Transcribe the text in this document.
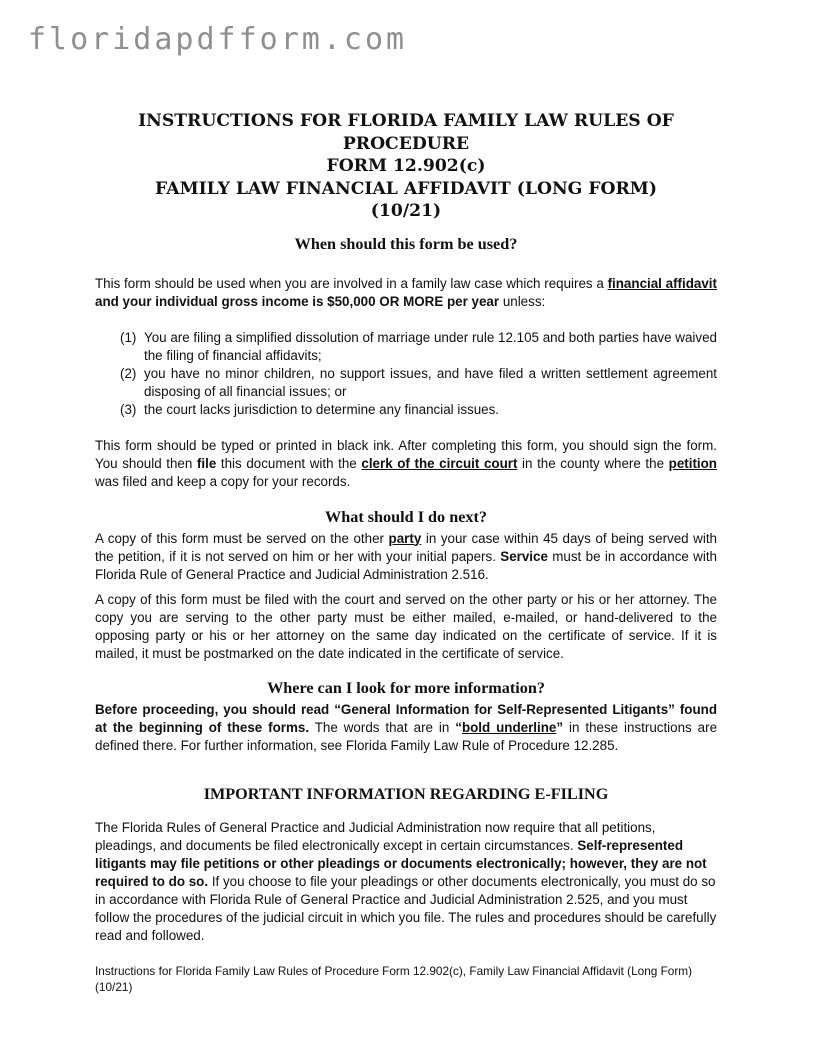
floridapdfform.com
INSTRUCTIONS FOR FLORIDA FAMILY LAW RULES OF PROCEDURE
FORM 12.902(c)
FAMILY LAW FINANCIAL AFFIDAVIT (LONG FORM)
(10/21)
When should this form be used?

This form should be used when you are involved in a family law case which requires a financial affidavit and your individual gross income is $50,000 OR MORE per year unless:

(1) You are filing a simplified dissolution of marriage under rule 12.105 and both parties have waived the filing of financial affidavits;
(2) you have no minor children, no support issues, and have filed a written settlement agreement disposing of all financial issues; or
(3) the court lacks jurisdiction to determine any financial issues.

This form should be typed or printed in black ink. After completing this form, you should sign the form. You should then file this document with the clerk of the circuit court in the county where the petition was filed and keep a copy for your records.

What should I do next?

A copy of this form must be served on the other party in your case within 45 days of being served with the petition, if it is not served on him or her with your initial papers. Service must be in accordance with Florida Rule of General Practice and Judicial Administration 2.516.

A copy of this form must be filed with the court and served on the other party or his or her attorney. The copy you are serving to the other party must be either mailed, e-mailed, or hand-delivered to the opposing party or his or her attorney on the same day indicated on the certificate of service. If it is mailed, it must be postmarked on the date indicated in the certificate of service.

Where can I look for more information?

Before proceeding, you should read “General Information for Self-Represented Litigants” found at the beginning of these forms. The words that are in “bold underline” in these instructions are defined there. For further information, see Florida Family Law Rule of Procedure 12.285.

IMPORTANT INFORMATION REGARDING E-FILING

The Florida Rules of General Practice and Judicial Administration now require that all petitions, pleadings, and documents be filed electronically except in certain circumstances. Self-represented litigants may file petitions or other pleadings or documents electronically; however, they are not required to do so. If you choose to file your pleadings or other documents electronically, you must do so in accordance with Florida Rule of General Practice and Judicial Administration 2.525, and you must follow the procedures of the judicial circuit in which you file. The rules and procedures should be carefully read and followed.

Instructions for Florida Family Law Rules of Procedure Form 12.902(c), Family Law Financial Affidavit (Long Form)
(10/21)
